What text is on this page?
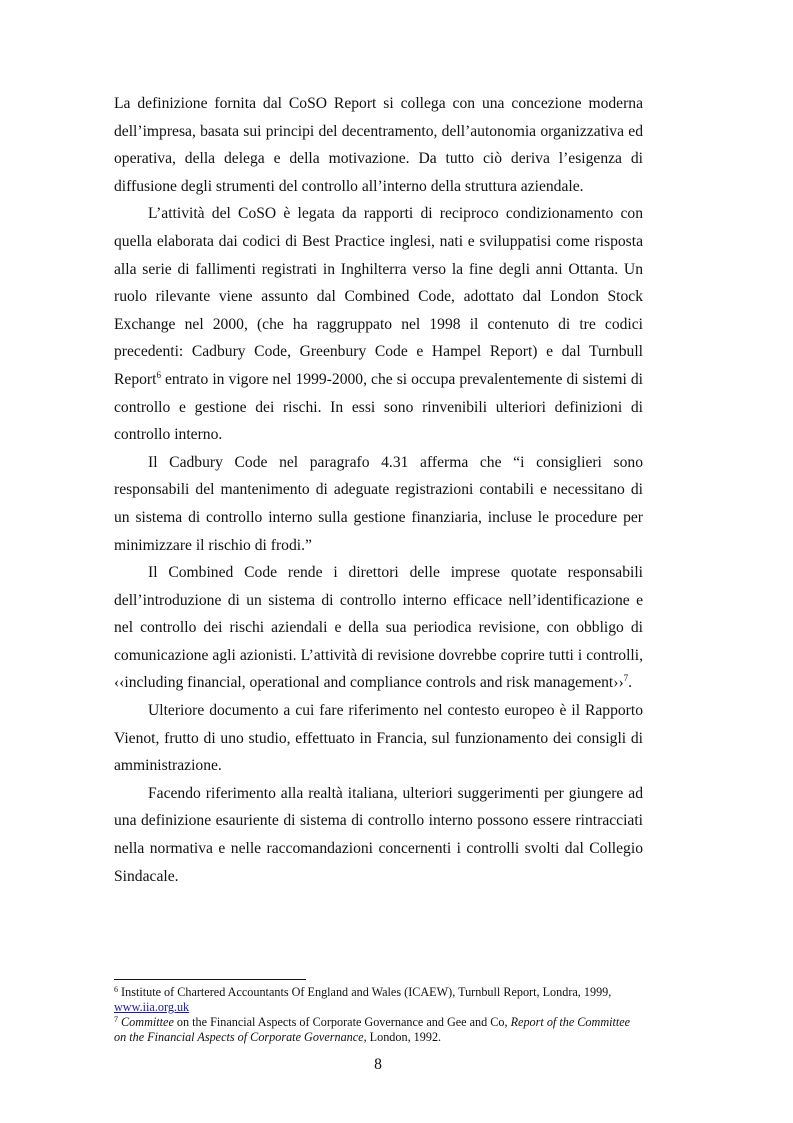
La definizione fornita dal CoSO Report si collega con una concezione moderna dell’impresa, basata sui principi del decentramento, dell’autonomia organizzativa ed operativa, della delega e della motivazione. Da tutto ciò deriva l’esigenza di diffusione degli strumenti del controllo all’interno della struttura aziendale.

L’attività del CoSO è legata da rapporti di reciproco condizionamento con quella elaborata dai codici di Best Practice inglesi, nati e sviluppatisi come risposta alla serie di fallimenti registrati in Inghilterra verso la fine degli anni Ottanta. Un ruolo rilevante viene assunto dal Combined Code, adottato dal London Stock Exchange nel 2000, (che ha raggruppato nel 1998 il contenuto di tre codici precedenti: Cadbury Code, Greenbury Code e Hampel Report) e dal Turnbull Report$^6$ entrato in vigore nel 1999-2000, che si occupa prevalentemente di sistemi di controllo e gestione dei rischi. In essi sono rinvenibili ulteriori definizioni di controllo interno.

Il Cadbury Code nel paragrafo 4.31 afferma che “i consiglieri sono responsabili del mantenimento di adeguate registrazioni contabili e necessitano di un sistema di controllo interno sulla gestione finanziaria, incluse le procedure per minimizzare il rischio di frodi.”

Il Combined Code rende i direttori delle imprese quotate responsabili dell’introduzione di un sistema di controllo interno efficace nell’identificazione e nel controllo dei rischi aziendali e della sua periodica revisione, con obbligo di comunicazione agli azionisti. L’attività di revisione dovrebbe coprire tutti i controlli, ‹‹including financial, operational and compliance controls and risk management››$^7$.

Ulteriore documento a cui fare riferimento nel contesto europeo è il Rapporto Vienot, frutto di uno studio, effettuato in Francia, sul funzionamento dei consigli di amministrazione.

Facendo riferimento alla realtà italiana, ulteriori suggerimenti per giungere ad una definizione esauriente di sistema di controllo interno possono essere rintracciati nella normativa e nelle raccomandazioni concernenti i controlli svolti dal Collegio Sindacale.

$^6$ Institute of Chartered Accountants Of England and Wales (ICAEW), Turnbull Report, Londra, 1999, www.iia.org.uk

$^7$ Committee on the Financial Aspects of Corporate Governance and Gee and Co, Report of the Committee on the Financial Aspects of Corporate Governance, London, 1992.

8
